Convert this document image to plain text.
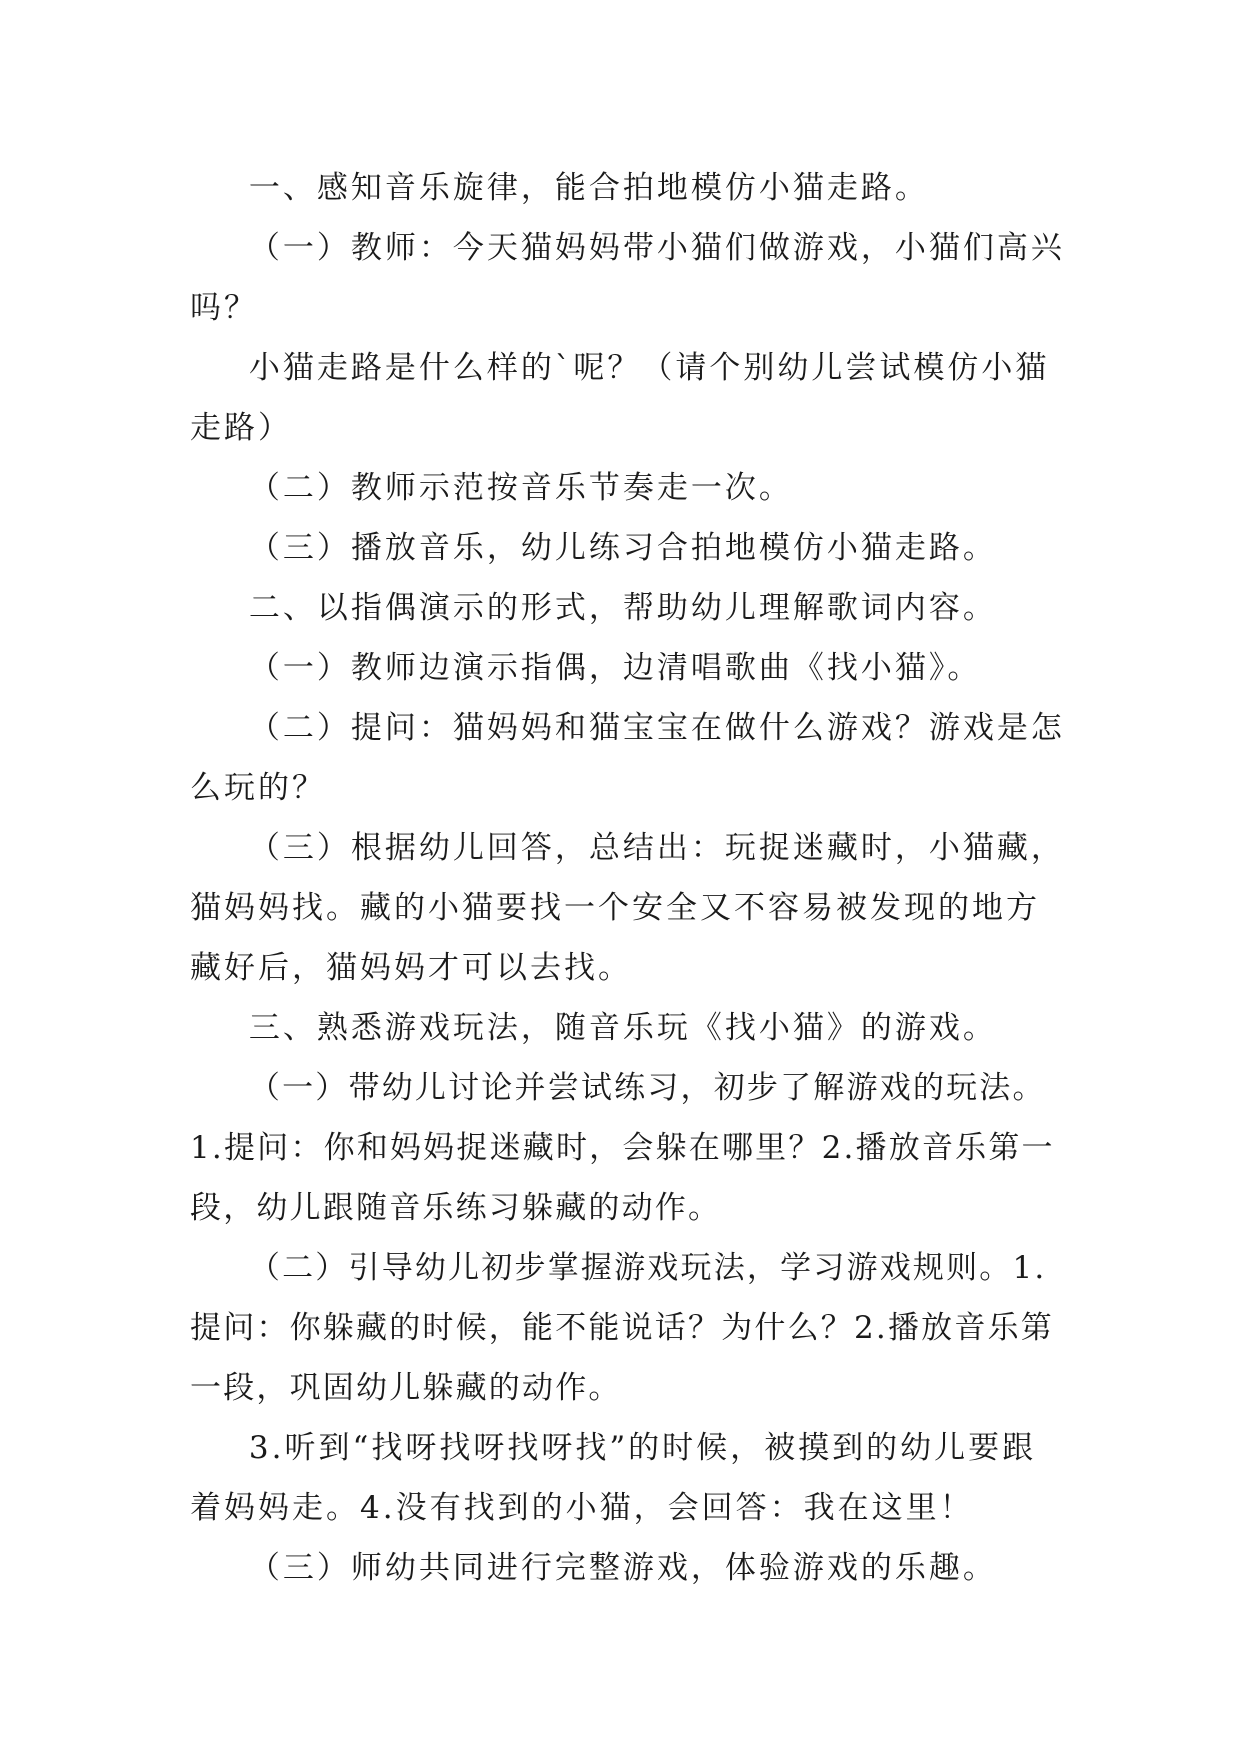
一、感知音乐旋律，能合拍地模仿小猫走路。

（一）教师：今天猫妈妈带小猫们做游戏，小猫们高兴吗？

小猫走路是什么样的`呢？（请个别幼儿尝试模仿小猫走路）

（二）教师示范按音乐节奏走一次。

（三）播放音乐，幼儿练习合拍地模仿小猫走路。

二、以指偶演示的形式，帮助幼儿理解歌词内容。

（一）教师边演示指偶，边清唱歌曲《找小猫》。

（二）提问：猫妈妈和猫宝宝在做什么游戏？游戏是怎么玩的？

（三）根据幼儿回答，总结出：玩捉迷藏时，小猫藏，猫妈妈找。藏的小猫要找一个安全又不容易被发现的地方藏好后，猫妈妈才可以去找。

三、熟悉游戏玩法，随音乐玩《找小猫》的游戏。

（一）带幼儿讨论并尝试练习，初步了解游戏的玩法。1.提问：你和妈妈捉迷藏时，会躲在哪里？2.播放音乐第一段，幼儿跟随音乐练习躲藏的动作。

（二）引导幼儿初步掌握游戏玩法，学习游戏规则。1.提问：你躲藏的时候，能不能说话？为什么？2.播放音乐第一段，巩固幼儿躲藏的动作。

3.听到“找呀找呀找呀找”的时候，被摸到的幼儿要跟着妈妈走。4.没有找到的小猫，会回答：我在这里！

（三）师幼共同进行完整游戏，体验游戏的乐趣。
